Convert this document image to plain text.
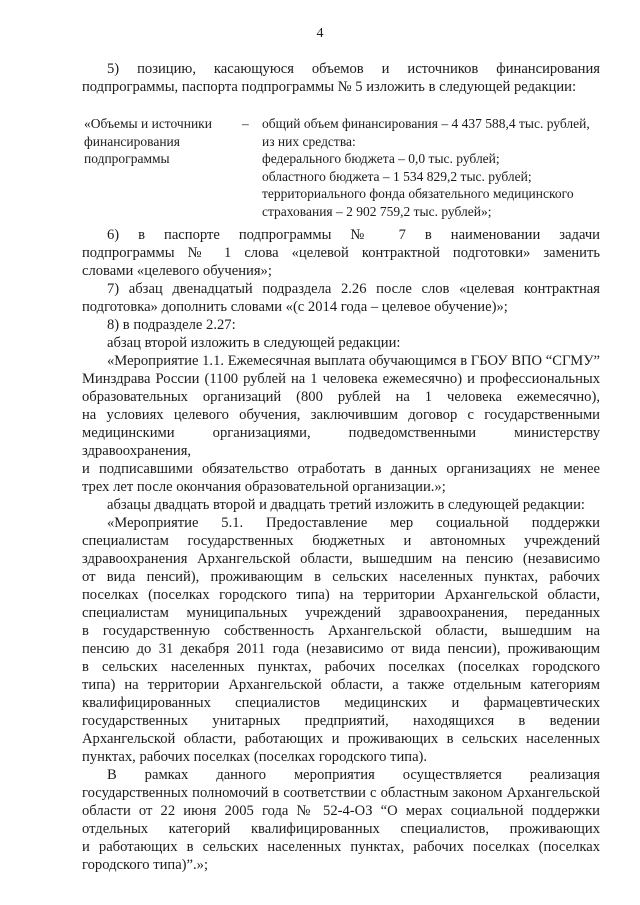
4
5) позицию, касающуюся объемов и источников финансирования
подпрограммы, паспорта подпрограммы № 5 изложить в следующей редакции:
«Объемы и источники
финансирования
подпрограммы
– общий объем финансирования – 4 437 588,4 тыс. рублей,
из них средства:
федерального бюджета – 0,0 тыс. рублей;
областного бюджета – 1 534 829,2 тыс. рублей;
территориального фонда обязательного медицинского
страхования – 2 902 759,2 тыс. рублей»;
6) в паспорте подпрограммы № 7 в наименовании задачи
подпрограммы № 1 слова «целевой контрактной подготовки» заменить
словами «целевого обучения»;
7) абзац двенадцатый подраздела 2.26 после слов «целевая контрактная
подготовка» дополнить словами «(с 2014 года – целевое обучение)»;
8) в подразделе 2.27:
абзац второй изложить в следующей редакции:
«Мероприятие 1.1. Ежемесячная выплата обучающимся в ГБОУ ВПО “СГМУ”
Минздрава России (1100 рублей на 1 человека ежемесячно) и профессиональных
образовательных организаций (800 рублей на 1 человека ежемесячно),
на условиях целевого обучения, заключившим договор с государственными
медицинскими организациями, подведомственными министерству здравоохранения,
и подписавшими обязательство отработать в данных организациях не менее
трех лет после окончания образовательной организации.»;
абзацы двадцать второй и двадцать третий изложить в следующей редакции:
«Мероприятие 5.1. Предоставление мер социальной поддержки
специалистам государственных бюджетных и автономных учреждений
здравоохранения Архангельской области, вышедшим на пенсию (независимо
от вида пенсий), проживающим в сельских населенных пунктах, рабочих
поселках (поселках городского типа) на территории Архангельской области,
специалистам муниципальных учреждений здравоохранения, переданных
в государственную собственность Архангельской области, вышедшим на
пенсию до 31 декабря 2011 года (независимо от вида пенсии), проживающим
в сельских населенных пунктах, рабочих поселках (поселках городского
типа) на территории Архангельской области, а также отдельным категориям
квалифицированных специалистов медицинских и фармацевтических
государственных унитарных предприятий, находящихся в ведении
Архангельской области, работающих и проживающих в сельских населенных
пунктах, рабочих поселках (поселках городского типа).
В рамках данного мероприятия осуществляется реализация
государственных полномочий в соответствии с областным законом Архангельской
области от 22 июня 2005 года № 52-4-ОЗ “О мерах социальной поддержки
отдельных категорий квалифицированных специалистов, проживающих
и работающих в сельских населенных пунктах, рабочих поселках (поселках
городского типа)”.»;
